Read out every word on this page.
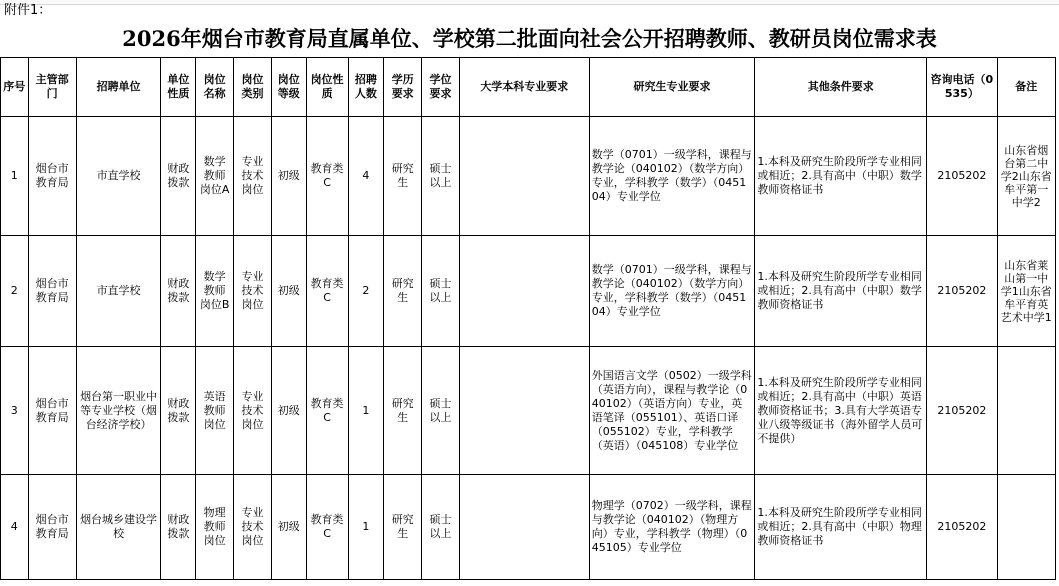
附件1：
2026年烟台市教育局直属单位、学校第二批面向社会公开招聘教师、教研员岗位需求表
序号	主管部门	招聘单位	单位性质	岗位名称	岗位类别	岗位等级	岗位性质	招聘人数	学历要求	学位要求	大学本科专业要求	研究生专业要求	其他条件要求	咨询电话（0535）	备注
1	烟台市教育局	市直学校	财政拨款	数学教师岗位A	专业技术岗位	初级	教育类C	4	研究生	硕士以上		数学（0701）一级学科，课程与教学论（040102）（数学方向）专业，学科教学（数学）（045104）专业学位	1.本科及研究生阶段所学专业相同或相近；2.具有高中（中职）数学教师资格证书	2105202	山东省烟台第二中学2山东省牟平第一中学2
2	烟台市教育局	市直学校	财政拨款	数学教师岗位B	专业技术岗位	初级	教育类C	2	研究生	硕士以上		数学（0701）一级学科，课程与教学论（040102）（数学方向）专业，学科教学（数学）（045104）专业学位	1.本科及研究生阶段所学专业相同或相近；2.具有高中（中职）数学教师资格证书	2105202	山东省莱山第一中学1山东省牟平育英艺术中学1
3	烟台市教育局	烟台第一职业中等专业学校（烟台经济学校）	财政拨款	英语教师岗位	专业技术岗位	初级	教育类C	1	研究生	硕士以上		外国语言文学（0502）一级学科（英语方向），课程与教学论（040102）（英语方向）专业，英语笔译（055101）、英语口译（055102）专业，学科教学（英语）（045108）专业学位	1.本科及研究生阶段所学专业相同或相近；2.具有高中（中职）英语教师资格证书；3.具有大学英语专业八级等级证书（海外留学人员可不提供）	2105202	
4	烟台市教育局	烟台城乡建设学校	财政拨款	物理教师岗位	专业技术岗位	初级	教育类C	1	研究生	硕士以上		物理学（0702）一级学科，课程与教学论（040102）（物理方向）专业，学科教学（物理）（045105）专业学位	1.本科及研究生阶段所学专业相同或相近；2.具有高中（中职）物理教师资格证书	2105202	
